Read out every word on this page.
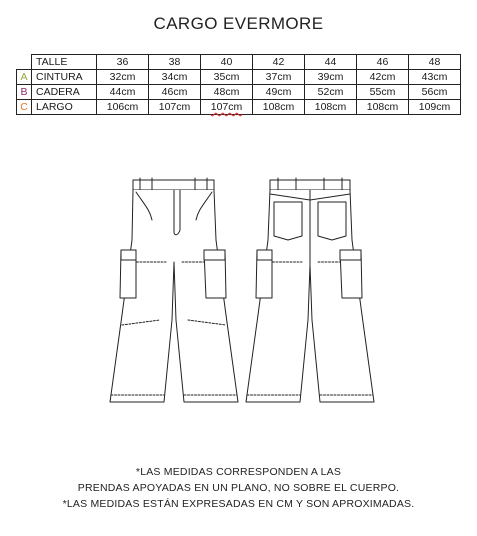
CARGO EVERMORE
	TALLE	36	38	40	42	44	46	48
A	CINTURA	32cm	34cm	35cm	37cm	39cm	42cm	43cm
B	CADERA	44cm	46cm	48cm	49cm	52cm	55cm	56cm
C	LARGO	106cm	107cm	107cm	108cm	108cm	108cm	109cm
*LAS MEDIDAS CORRESPONDEN A LAS
PRENDAS APOYADAS EN UN PLANO, NO SOBRE EL CUERPO.
*LAS MEDIDAS ESTÁN EXPRESADAS EN CM Y SON APROXIMADAS.
